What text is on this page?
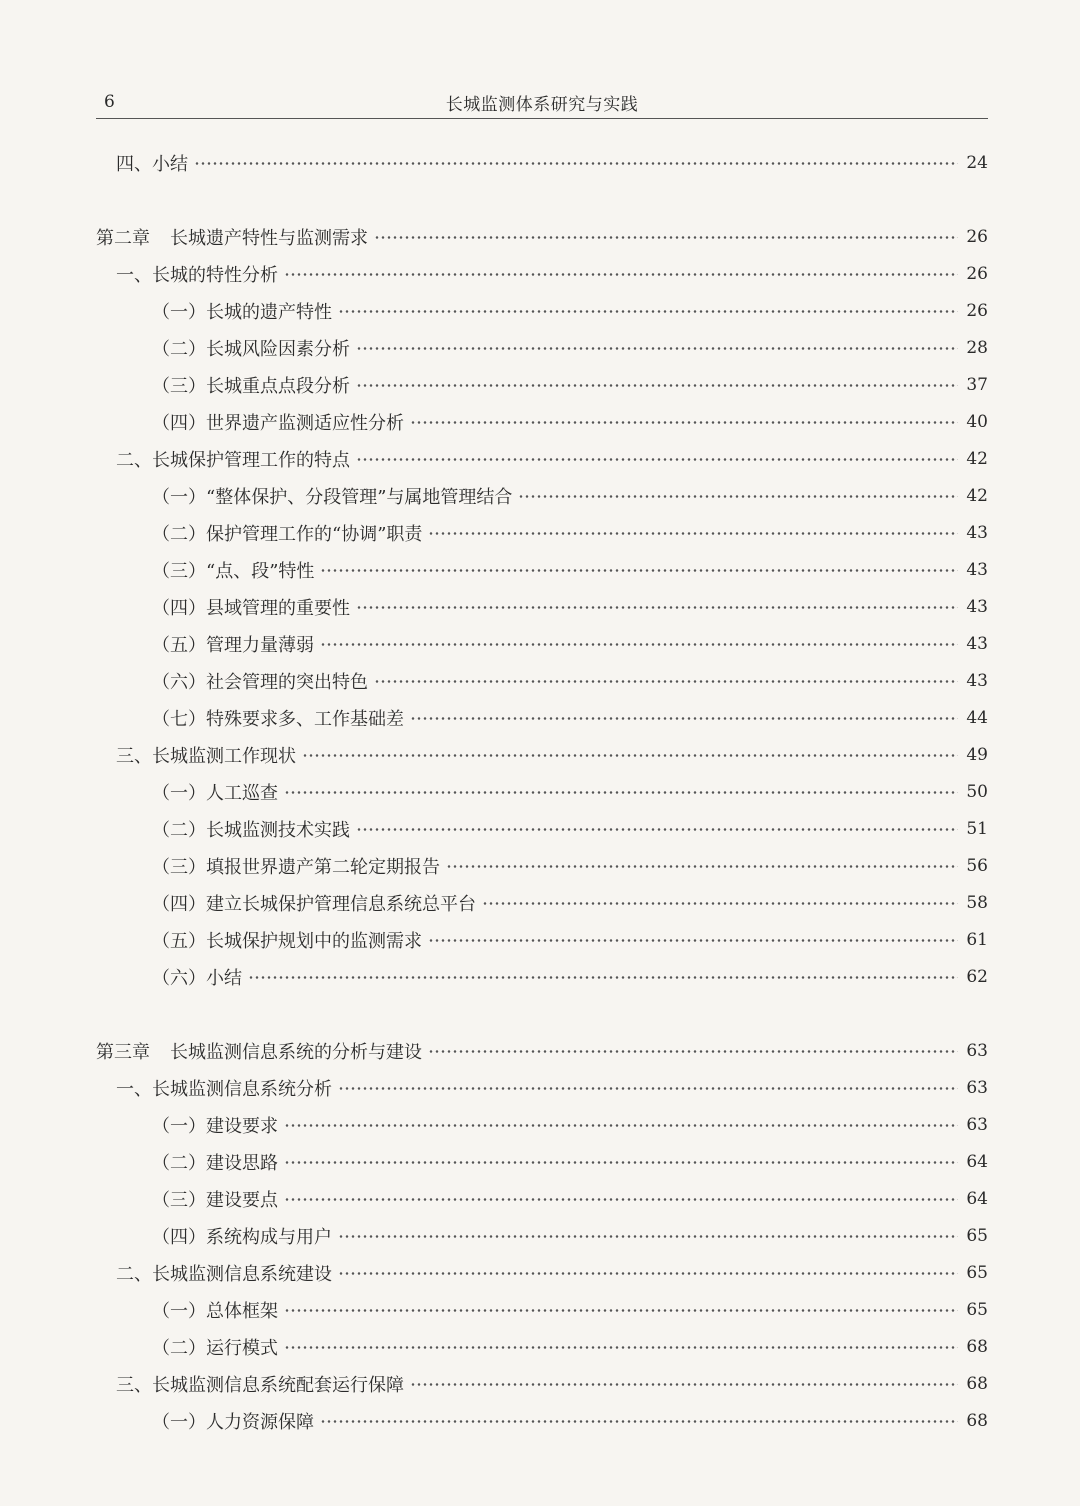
6	长城监测体系研究与实践
四、小结	24
第二章 长城遗产特性与监测需求	26
一、长城的特性分析	26
（一）长城的遗产特性	26
（二）长城风险因素分析	28
（三）长城重点点段分析	37
（四）世界遗产监测适应性分析	40
二、长城保护管理工作的特点	42
（一）“整体保护、分段管理”与属地管理结合	42
（二）保护管理工作的“协调”职责	43
（三）“点、段”特性	43
（四）县域管理的重要性	43
（五）管理力量薄弱	43
（六）社会管理的突出特色	43
（七）特殊要求多、工作基础差	44
三、长城监测工作现状	49
（一）人工巡查	50
（二）长城监测技术实践	51
（三）填报世界遗产第二轮定期报告	56
（四）建立长城保护管理信息系统总平台	58
（五）长城保护规划中的监测需求	61
（六）小结	62
第三章 长城监测信息系统的分析与建设	63
一、长城监测信息系统分析	63
（一）建设要求	63
（二）建设思路	64
（三）建设要点	64
（四）系统构成与用户	65
二、长城监测信息系统建设	65
（一）总体框架	65
（二）运行模式	68
三、长城监测信息系统配套运行保障	68
（一）人力资源保障	68
